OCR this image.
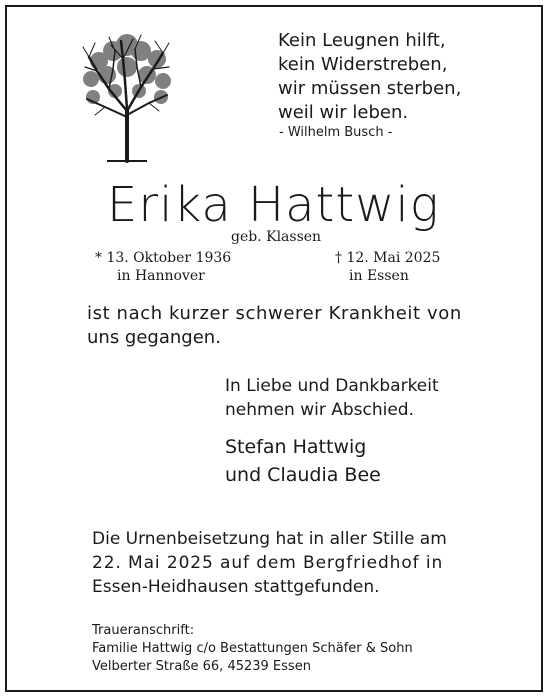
Kein Leugnen hilft,
kein Widerstreben,
wir müssen sterben,
weil wir leben.
- Wilhelm Busch -
Erika Hattwig
geb. Klassen
* 13. Oktober 1936
in Hannover
† 12. Mai 2025
in Essen
ist nach kurzer schwerer Krankheit von
uns gegangen.
In Liebe und Dankbarkeit
nehmen wir Abschied.
Stefan Hattwig
und Claudia Bee
Die Urnenbeisetzung hat in aller Stille am
22. Mai 2025 auf dem Bergfriedhof in
Essen-Heidhausen stattgefunden.
Traueranschrift:
Familie Hattwig c/o Bestattungen Schäfer & Sohn
Velberter Straße 66, 45239 Essen
